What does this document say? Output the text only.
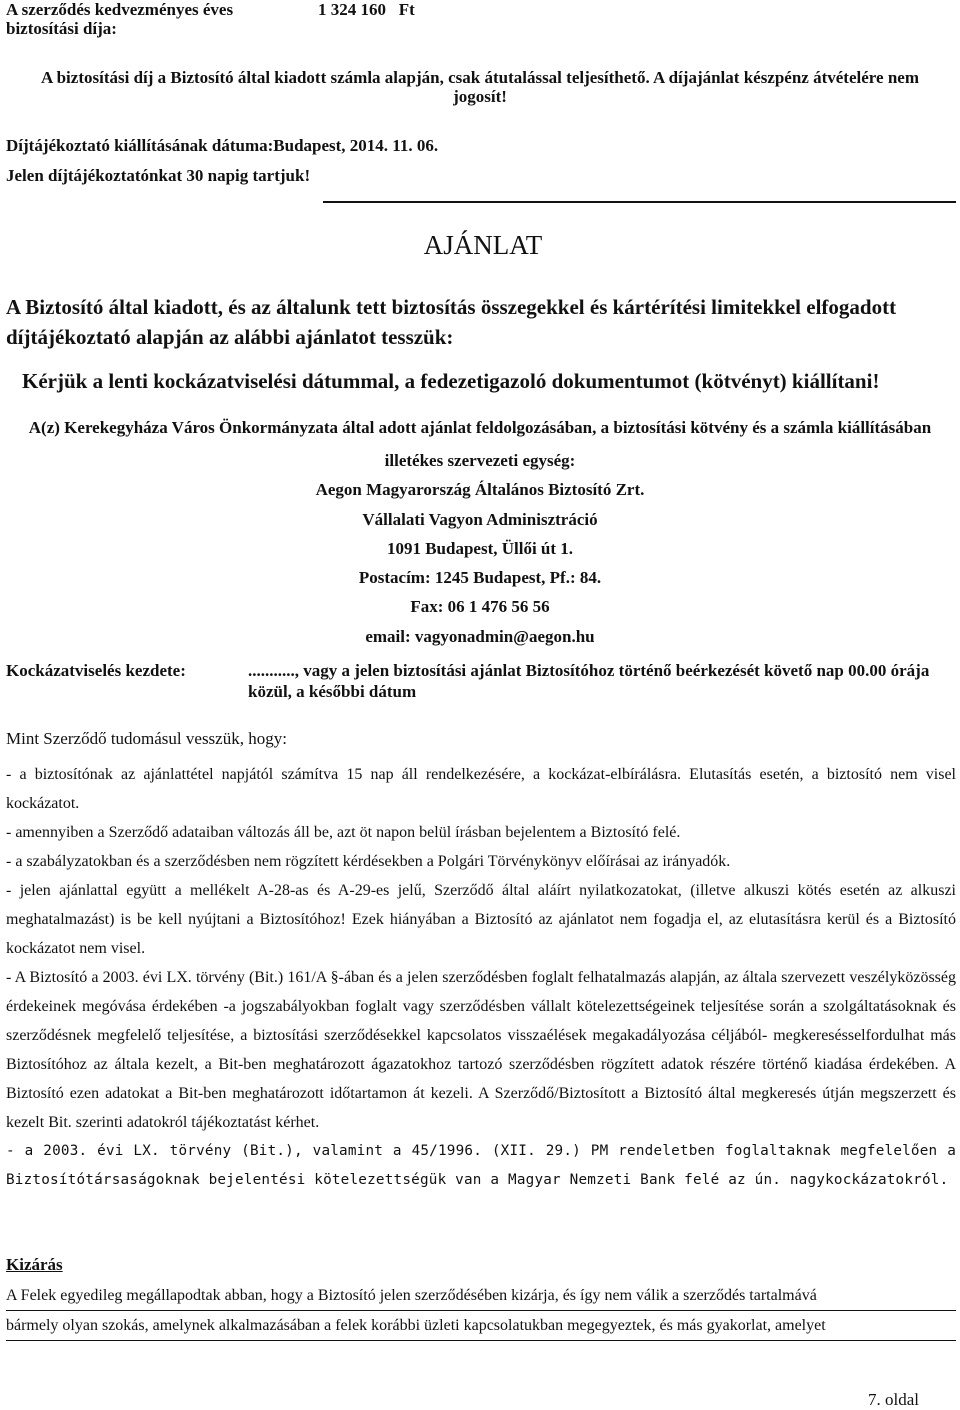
A szerződés kedvezményes éves biztosítási díja:
1 324 160   Ft
A biztosítási díj a Biztosító által kiadott számla alapján, csak átutalással teljesíthető. A díjajánlat készpénz átvételére nem jogosít!
Díjtájékoztató kiállításának dátuma:Budapest, 2014. 11. 06.
Jelen díjtájékoztatónkat 30 napig tartjuk!
AJÁNLAT
A Biztosító által kiadott, és az általunk tett biztosítás összegekkel és kártérítési limitekkel elfogadott díjtájékoztató alapján az alábbi ajánlatot tesszük:
Kérjük a lenti kockázatviselési dátummal, a fedezetigazoló dokumentumot (kötvényt) kiállítani!
A(z) Kerekegyháza Város Önkormányzata által adott ajánlat feldolgozásában, a biztosítási kötvény és a számla kiállításában
illetékes szervezeti egység:
Aegon Magyarország Általános Biztosító Zrt.
Vállalati Vagyon Adminisztráció
1091 Budapest, Üllői út 1.
Postacím: 1245 Budapest, Pf.: 84.
Fax: 06 1 476 56 56
email: vagyonadmin@aegon.hu
Kockázatviselés kezdete:	..........., vagy a jelen biztosítási ajánlat Biztosítóhoz történő beérkezését követő nap 00.00 órája közül, a későbbi dátum
Mint Szerződő tudomásul vesszük, hogy:

- a biztosítónak az ajánlattétel napjától számítva 15 nap áll rendelkezésére, a kockázat-elbírálásra. Elutasítás esetén, a biztosító nem visel kockázatot.

- amennyiben a Szerződő adataiban változás áll be, azt öt napon belül írásban bejelentem a Biztosító felé.

- a szabályzatokban és a szerződésben nem rögzített kérdésekben a Polgári Törvénykönyv előírásai az irányadók.

- jelen ajánlattal együtt a mellékelt A-28-as és A-29-es jelű, Szerződő által aláírt nyilatkozatokat, (illetve alkuszi kötés esetén az alkuszi meghatalmazást) is be kell nyújtani a Biztosítóhoz! Ezek hiányában a Biztosító az ajánlatot nem fogadja el, az elutasításra kerül és a Biztosító kockázatot nem visel.

- A Biztosító a 2003. évi LX. törvény (Bit.) 161/A §-ában és a jelen szerződésben foglalt felhatalmazás alapján, az általa szervezett veszélyközösség érdekeinek megóvása érdekében -a jogszabályokban foglalt vagy szerződésben vállalt kötelezettségeinek teljesítése során a szolgáltatásoknak és szerződésnek megfelelő teljesítése, a biztosítási szerződésekkel kapcsolatos visszaélések megakadályozása céljából- megkeresésselfordulhat más Biztosítóhoz az általa kezelt, a Bit-ben meghatározott ágazatokhoz tartozó szerződésben rögzített adatok részére történő kiadása érdekében. A Biztosító ezen adatokat a Bit-ben meghatározott időtartamon át kezeli. A Szerződő/Biztosított a Biztosító által megkeresés útján megszerzett és kezelt Bit. szerinti adatokról tájékoztatást kérhet.

- a 2003. évi LX. törvény (Bit.), valamint a 45/1996. (XII. 29.) PM rendeletben foglaltaknak megfelelően a Biztosítótársaságoknak bejelentési kötelezettségük van a Magyar Nemzeti Bank felé az ún. nagykockázatokról.

Kizárás
A Felek egyedileg megállapodtak abban, hogy a Biztosító jelen szerződésében kizárja, és így nem válik a szerződés tartalmává
bármely olyan szokás, amelynek alkalmazásában a felek korábbi üzleti kapcsolatukban megegyeztek, és más gyakorlat, amelyet
7. oldal
